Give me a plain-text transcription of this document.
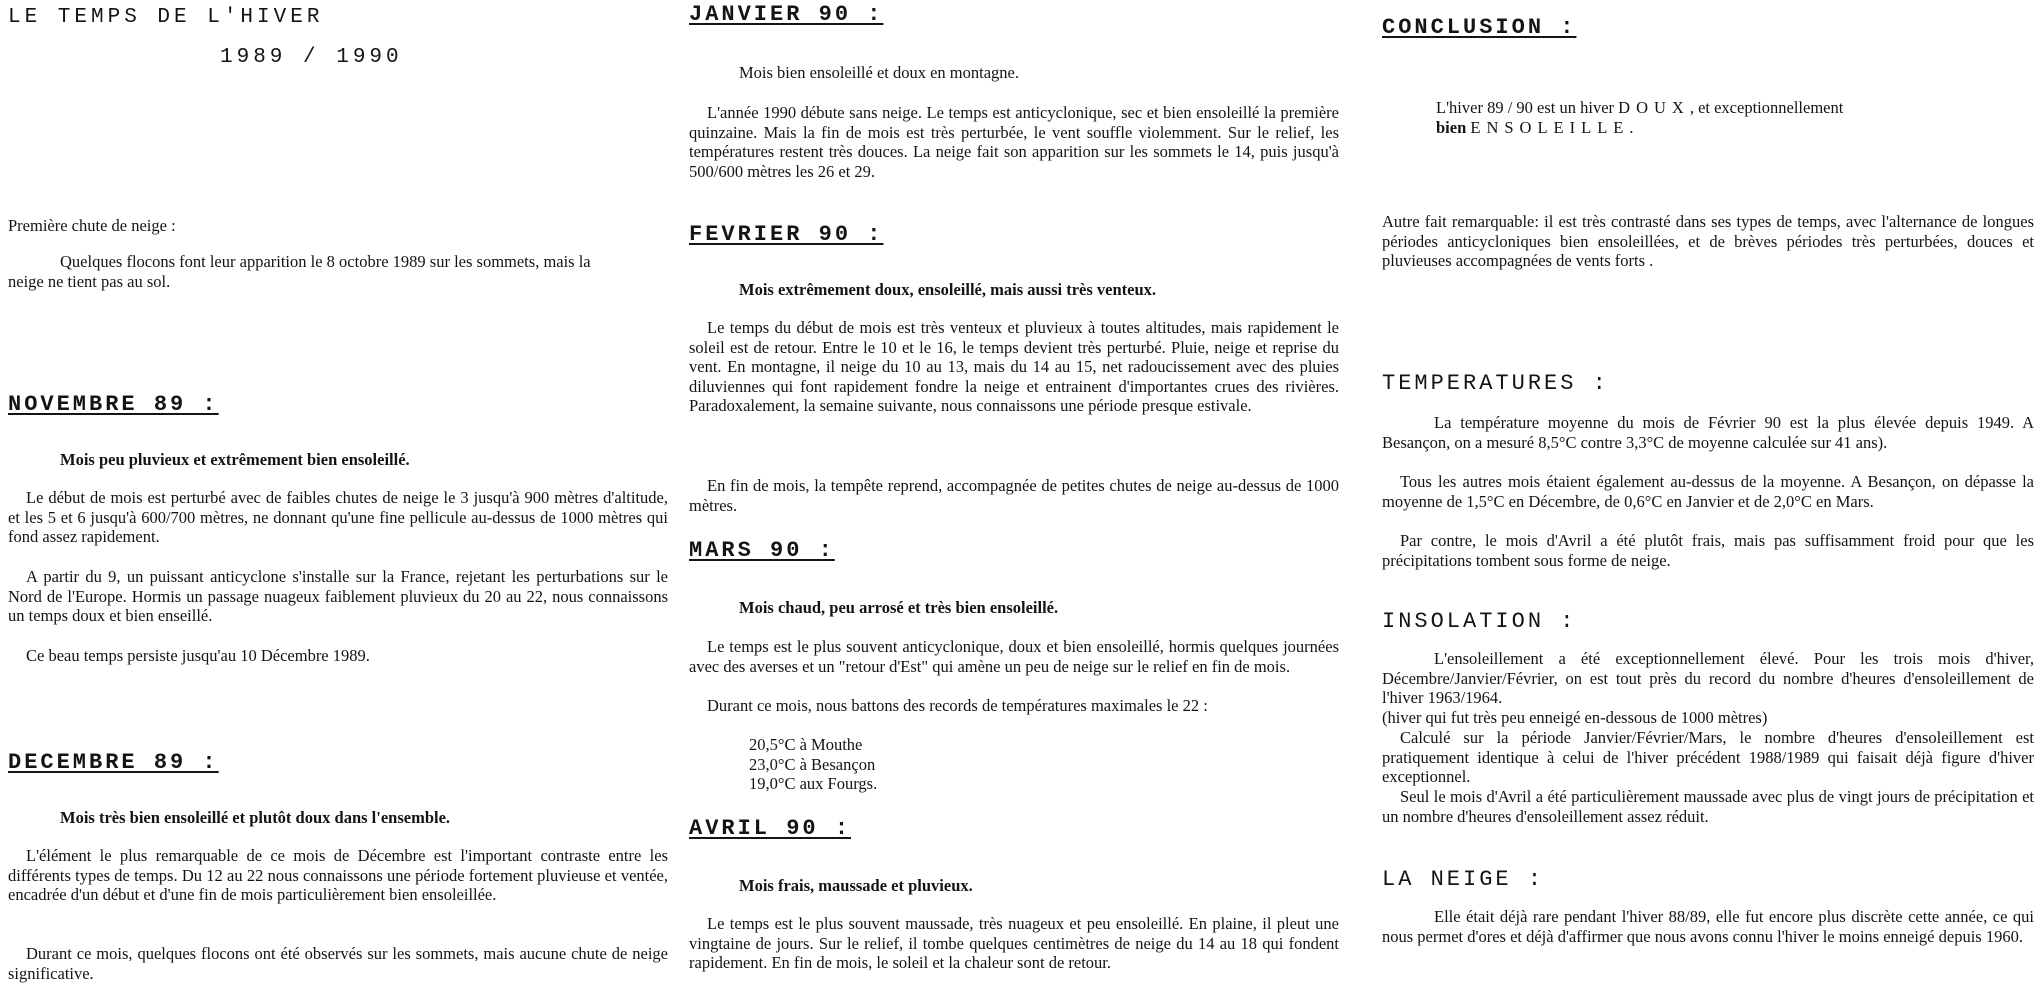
LE TEMPS DE L'HIVER
1989 / 1990
Première chute de neige :
Quelques flocons font leur apparition le 8 octobre 1989 sur les sommets, mais la neige ne tient pas au sol.
NOVEMBRE 89 :
Mois peu pluvieux et extrêmement bien ensoleillé.
Le début de mois est perturbé avec de faibles chutes de neige le 3 jusqu'à 900 mètres d'altitude, et les 5 et 6 jusqu'à 600/700 mètres, ne donnant qu'une fine pellicule au-dessus de 1000 mètres qui fond assez rapidement.
A partir du 9, un puissant anticyclone s'installe sur la France, rejetant les perturbations sur le Nord de l'Europe. Hormis un passage nuageux faiblement pluvieux du 20 au 22, nous connaissons un temps doux et bien enseillé.
Ce beau temps persiste jusqu'au 10 Décembre 1989.
DECEMBRE 89 :
Mois très bien ensoleillé et plutôt doux dans l'ensemble.
L'élément le plus remarquable de ce mois de Décembre est l'important contraste entre les différents types de temps. Du 12 au 22 nous connaissons une période fortement pluvieuse et ventée, encadrée d'un début et d'une fin de mois particulièrement bien ensoleillée.
Durant ce mois, quelques flocons ont été observés sur les sommets, mais aucune chute de neige significative.
JANVIER 90 :
Mois bien ensoleillé et doux en montagne.
L'année 1990 débute sans neige. Le temps est anticyclonique, sec et bien ensoleillé la première quinzaine. Mais la fin de mois est très perturbée, le vent souffle violemment. Sur le relief, les températures restent très douces. La neige fait son apparition sur les sommets le 14, puis jusqu'à 500/600 mètres les 26 et 29.
FEVRIER 90 :
Mois extrêmement doux, ensoleillé, mais aussi très venteux.
Le temps du début de mois est très venteux et pluvieux à toutes altitudes, mais rapidement le soleil est de retour. Entre le 10 et le 16, le temps devient très perturbé. Pluie, neige et reprise du vent. En montagne, il neige du 10 au 13, mais du 14 au 15, net radoucissement avec des pluies diluviennes qui font rapidement fondre la neige et entrainent d'importantes crues des rivières. Paradoxalement, la semaine suivante, nous connaissons une période presque estivale.
En fin de mois, la tempête reprend, accompagnée de petites chutes de neige au-dessus de 1000 mètres.
MARS 90 :
Mois chaud, peu arrosé et très bien ensoleillé.
Le temps est le plus souvent anticyclonique, doux et bien ensoleillé, hormis quelques journées avec des averses et un "retour d'Est" qui amène un peu de neige sur le relief en fin de mois.
Durant ce mois, nous battons des records de températures maximales le 22 :
20,5°C à Mouthe
23,0°C à Besançon
19,0°C aux Fourgs.
AVRIL 90 :
Mois frais, maussade et pluvieux.
Le temps est le plus souvent maussade, très nuageux et peu ensoleillé. En plaine, il pleut une vingtaine de jours. Sur le relief, il tombe quelques centimètres de neige du 14 au 18 qui fondent rapidement. En fin de mois, le soleil et la chaleur sont de retour.
CONCLUSION :
L'hiver 89 / 90 est un hiver DOUX, et exceptionnellement
bien ENSOLEILLE.
Autre fait remarquable: il est très contrasté dans ses types de temps, avec l'alternance de longues périodes anticycloniques bien ensoleillées, et de brèves périodes très perturbées, douces et pluvieuses accompagnées de vents forts .
TEMPERATURES :
La température moyenne du mois de Février 90 est la plus élevée depuis 1949. A Besançon, on a mesuré 8,5°C contre 3,3°C de moyenne calculée sur 41 ans).
Tous les autres mois étaient également au-dessus de la moyenne. A Besançon, on dépasse la moyenne de 1,5°C en Décembre, de 0,6°C en Janvier et de 2,0°C en Mars.
Par contre, le mois d'Avril a été plutôt frais, mais pas suffisamment froid pour que les précipitations tombent sous forme de neige.
INSOLATION :
L'ensoleillement a été exceptionnellement élevé. Pour les trois mois d'hiver, Décembre/Janvier/Février, on est tout près du record du nombre d'heures d'ensoleillement de l'hiver 1963/1964.
(hiver qui fut très peu enneigé en-dessous de 1000 mètres)
Calculé sur la période Janvier/Février/Mars, le nombre d'heures d'ensoleillement est pratiquement identique à celui de l'hiver précédent 1988/1989 qui faisait déjà figure d'hiver exceptionnel.
Seul le mois d'Avril a été particulièrement maussade avec plus de vingt jours de précipitation et un nombre d'heures d'ensoleillement assez réduit.
LA NEIGE :
Elle était déjà rare pendant l'hiver 88/89, elle fut encore plus discrète cette année, ce qui nous permet d'ores et déjà d'affirmer que nous avons connu l'hiver le moins enneigé depuis 1960.
